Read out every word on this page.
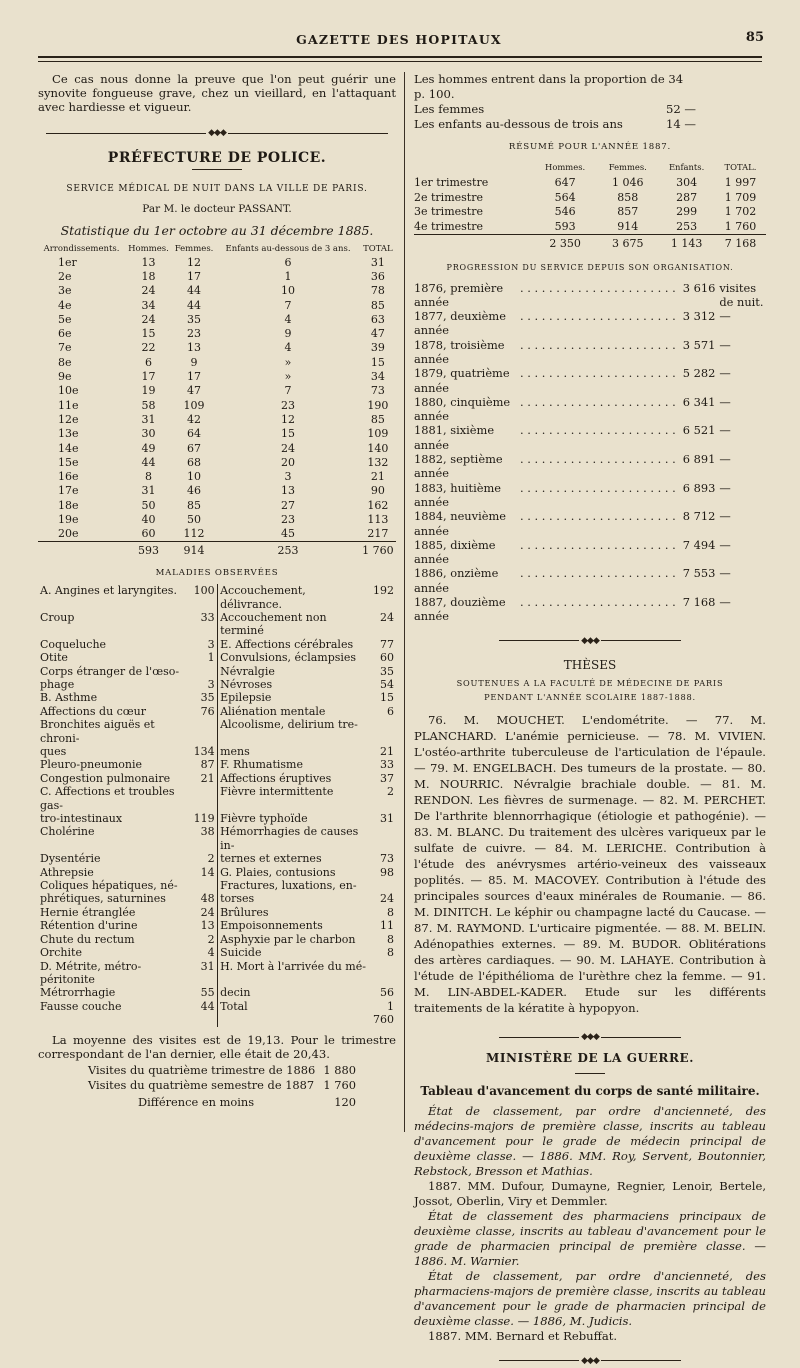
GAZETTE DES HOPITAUX	85

Ce cas nous donne la preuve que l'on peut guérir une synovite fongueuse grave, chez un vieillard, en l'attaquant avec hardiesse et vigueur.

◆◆◆
PRÉFECTURE DE POLICE.
SERVICE MÉDICAL DE NUIT DANS LA VILLE DE PARIS.
Par M. le docteur PASSANT.
Statistique du 1er octobre au 31 décembre 1885.
Arrondissements.	Hommes.	Femmes.	Enfants au-dessous de 3 ans.	TOTAL
1er	13	12	6	31
2e	18	17	1	36
3e	24	44	10	78
4e	34	44	7	85
5e	24	35	4	63
6e	15	23	9	47
7e	22	13	4	39
8e	6	9	»	15
9e	17	17	»	34
10e	19	47	7	73
11e	58	109	23	190
12e	31	42	12	85
13e	30	64	15	109
14e	49	67	24	140
15e	44	68	20	132
16e	8	10	3	21
17e	31	46	13	90
18e	50	85	27	162
19e	40	50	23	113
20e	60	112	45	217
	593	914	253	1 760
MALADIES OBSERVÉES
A. Angines et laryngites.	100		Accouchement, délivrance.	192
Croup	33		Accouchement non terminé	24
Coqueluche	3		E. Affections cérébrales	77
Otite	1		Convulsions, éclampsies	60
Corps étranger de l'œso-			Névralgie	35
phage	3		Névroses	54
B. Asthme	35		Epilepsie	15
Affections du cœur	76		Aliénation mentale	6
Bronchites aiguës et chroni-			Alcoolisme, delirium tre-	
ques	134		mens	21
Pleuro-pneumonie	87		F. Rhumatisme	33
Congestion pulmonaire	21		Affections éruptives	37
C. Affections et troubles gas-			Fièvre intermittente	2
tro-intestinaux	119		Fièvre typhoïde	31
Cholérine	38		Hémorrhagies de causes in-	
Dysentérie	2		ternes et externes	73
Athrepsie	14		G. Plaies, contusions	98
Coliques hépatiques, né-			Fractures, luxations, en-	
phrétiques, saturnines	48		torses	24
Hernie étranglée	24		Brûlures	8
Rétention d'urine	13		Empoisonnements	11
Chute du rectum	2		Asphyxie par le charbon	8
Orchite	4		Suicide	8
D. Métrite, métro-péritonite	31		H. Mort à l'arrivée du mé-	
Métrorrhagie	55		decin	56
Fausse couche	44		Total	1 760

La moyenne des visites est de 19,13. Pour le trimestre correspondant de l'an dernier, elle était de 20,43.

Visites du quatrième trimestre de 1886 1 880
Visites du quatrième semestre de 1887 1 760
Différence en moins	120
Les hommes entrent dans la proportion de 34 p. 100.
Les femmes	52 —
Les enfants au-dessous de trois ans	14 —
RÉSUMÉ POUR L'ANNÉE 1887.
	Hommes.	Femmes.	Enfants.	TOTAL.
1er trimestre	647	1 046	304	1 997
2e trimestre	564	858	287	1 709
3e trimestre	546	857	299	1 702
4e trimestre	593	914	253	1 760
	2 350	3 675	1 143	7 168
PROGRESSION DU SERVICE DEPUIS SON ORGANISATION.
1876, première année
. . . . . . . . . . . . . . . . . . . . . . 3 616 visites de nuit.
1877, deuxième année
. . . . . . . . . . . . . . . . . . . . . . 3 312 —
1878, troisième année
. . . . . . . . . . . . . . . . . . . . . . 3 571 —
1879, quatrième année
. . . . . . . . . . . . . . . . . . . . . . 5 282 —
1880, cinquième année
. . . . . . . . . . . . . . . . . . . . . . 6 341 —
1881, sixième année
. . . . . . . . . . . . . . . . . . . . . . 6 521 —
1882, septième année
. . . . . . . . . . . . . . . . . . . . . . 6 891 —
1883, huitième année
. . . . . . . . . . . . . . . . . . . . . . 6 893 —
1884, neuvième année
. . . . . . . . . . . . . . . . . . . . . . 8 712 —
1885, dixième année
. . . . . . . . . . . . . . . . . . . . . . 7 494 —
1886, onzième année
. . . . . . . . . . . . . . . . . . . . . . 7 553 —
1887, douzième année
. . . . . . . . . . . . . . . . . . . . . . 7 168 —
◆◆◆
THÈSES
SOUTENUES A LA FACULTÉ DE MÉDECINE DE PARIS
PENDANT L'ANNÉE SCOLAIRE 1887-1888.

76. M. MOUCHET. L'endométrite. — 77. M. PLANCHARD. L'anémie pernicieuse. — 78. M. VIVIEN. L'ostéo-arthrite tuberculeuse de l'articulation de l'épaule. — 79. M. ENGELBACH. Des tumeurs de la prostate. — 80. M. NOURRIC. Névralgie brachiale double. — 81. M. RENDON. Les fièvres de surmenage. — 82. M. PERCHET. De l'arthrite blennorrhagique (étiologie et pathogénie). — 83. M. BLANC. Du traitement des ulcères variqueux par le sulfate de cuivre. — 84. M. LERICHE. Contribution à l'étude des anévrysmes artério-veineux des vaisseaux poplités. — 85. M. MACOVEY. Contribution à l'étude des principales sources d'eaux minérales de Roumanie. — 86. M. DINITCH. Le képhir ou champagne lacté du Caucase. — 87. M. RAYMOND. L'urticaire pigmentée. — 88. M. BELIN. Adénopathies externes. — 89. M. BUDOR. Oblitérations des artères cardiaques. — 90. M. LAHAYE. Contribution à l'étude de l'épithélioma de l'urèthre chez la femme. — 91. M. LIN-ABDEL-KADER. Etude sur les différents traitements de la kératite à hypopyon.

◆◆◆
MINISTÈRE DE LA GUERRE.
Tableau d'avancement du corps de santé militaire.

État de classement, par ordre d'ancienneté, des médecins-majors de première classe, inscrits au tableau d'avancement pour le grade de médecin principal de deuxième classe. — 1886. MM. Roy, Servent, Boutonnier, Rebstock, Bresson et Mathias.

1887. MM. Dufour, Dumayne, Regnier, Lenoir, Bertele, Jossot, Oberlin, Viry et Demmler.

État de classement des pharmaciens principaux de deuxième classe, inscrits au tableau d'avancement pour le grade de pharmacien principal de première classe. — 1886. M. Warnier.

État de classement, par ordre d'ancienneté, des pharmaciens-majors de première classe, inscrits au tableau d'avancement pour le grade de pharmacien principal de deuxième classe. — 1886, M. Judicis.

1887. MM. Bernard et Rebuffat.

◆◆◆
